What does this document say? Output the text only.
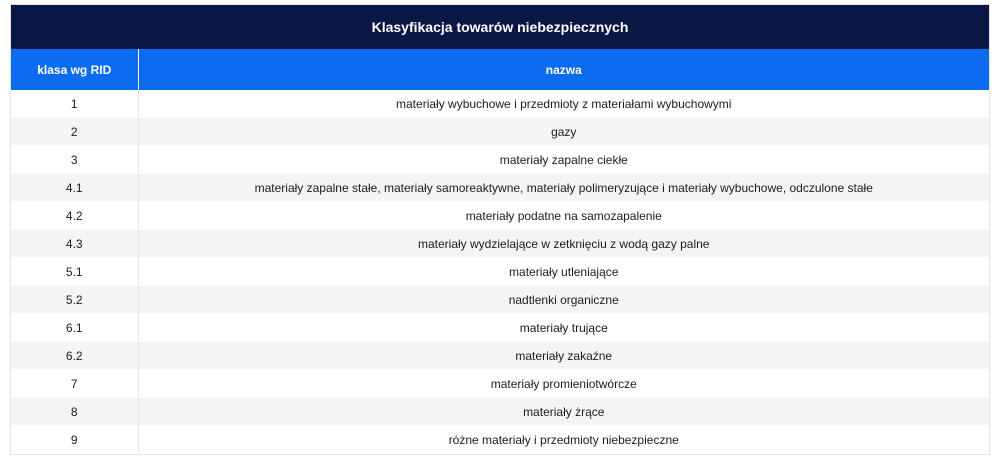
Klasyfikacja towarów niebezpiecznych
klasa wg RID	nazwa
1	materiały wybuchowe i przedmioty z materiałami wybuchowymi
2	gazy
3	materiały zapalne ciekłe
4.1	materiały zapalne stałe, materiały samoreaktywne, materiały polimeryzujące i materiały wybuchowe, odczulone stałe
4.2	materiały podatne na samozapalenie
4.3	materiały wydzielające w zetknięciu z wodą gazy palne
5.1	materiały utleniające
5.2	nadtlenki organiczne
6.1	materiały trujące
6.2	materiały zakaźne
7	materiały promieniotwórcze
8	materiały żrące
9	różne materiały i przedmioty niebezpieczne
